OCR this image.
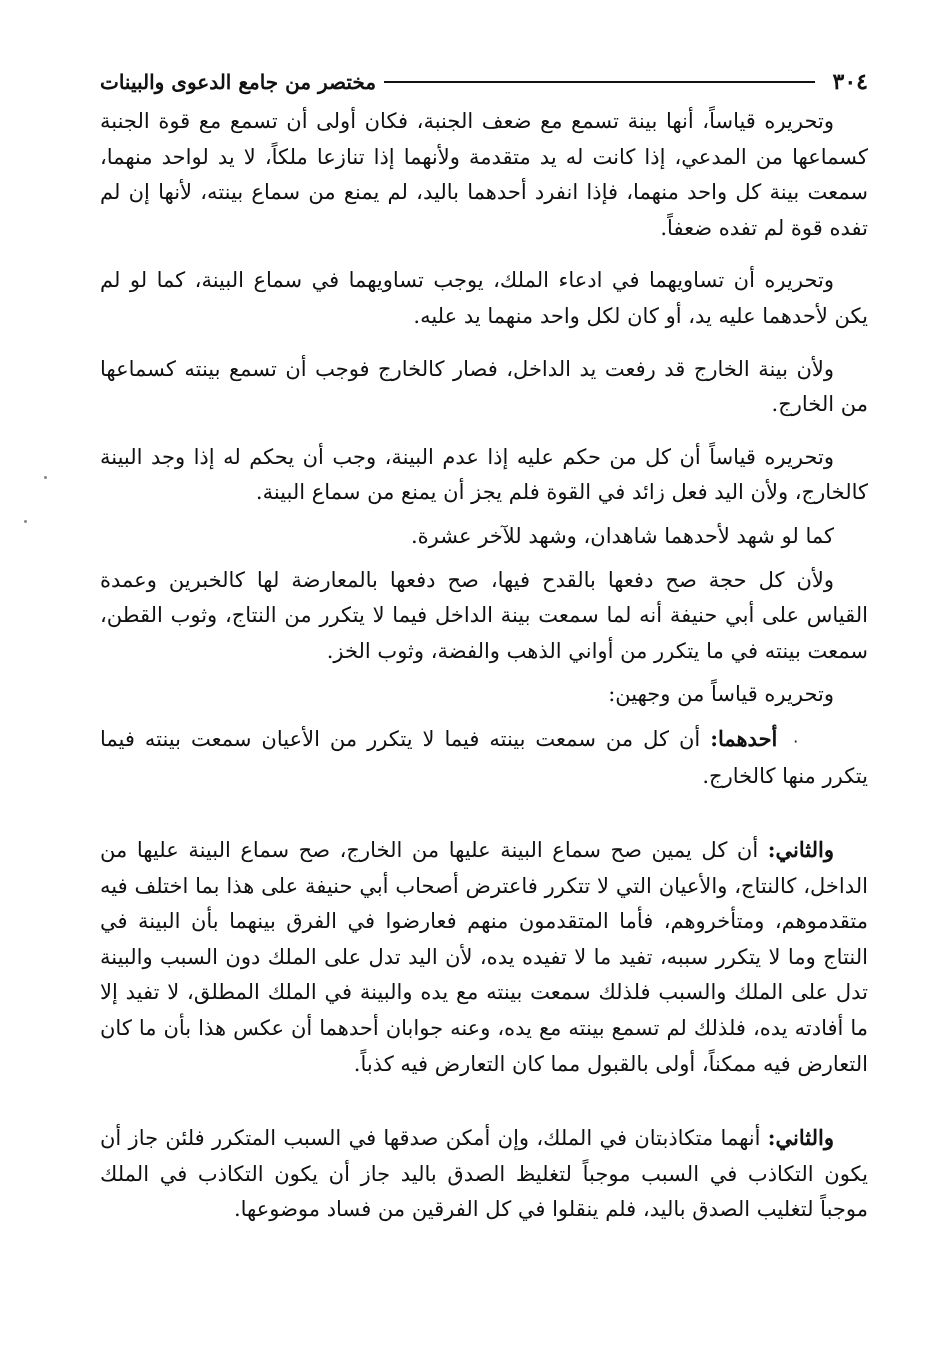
٣٠٤
مختصر من جامع الدعوى والبينات

وتحريره قياساً، أنها بينة تسمع مع ضعف الجنبة، فكان أولى أن تسمع مع قوة الجنبة كسماعها من المدعي، إذا كانت له يد متقدمة ولأنهما إذا تنازعا ملكاً، لا يد لواحد منهما، سمعت بينة كل واحد منهما، فإذا انفرد أحدهما باليد، لم يمنع من سماع بينته، لأنها إن لم تفده قوة لم تفده ضعفاً.

وتحريره أن تساويهما في ادعاء الملك، يوجب تساويهما في سماع البينة، كما لو لم يكن لأحدهما عليه يد، أو كان لكل واحد منهما يد عليه.

ولأن بينة الخارج قد رفعت يد الداخل، فصار كالخارج فوجب أن تسمع بينته كسماعها من الخارج.

وتحريره قياساً أن كل من حكم عليه إذا عدم البينة، وجب أن يحكم له إذا وجد البينة كالخارج، ولأن اليد فعل زائد في القوة فلم يجز أن يمنع من سماع البينة.

كما لو شهد لأحدهما شاهدان، وشهد للآخر عشرة.

ولأن كل حجة صح دفعها بالقدح فيها، صح دفعها بالمعارضة لها كالخبرين وعمدة القياس على أبي حنيفة أنه لما سمعت بينة الداخل فيما لا يتكرر من النتاج، وثوب القطن، سمعت بينته في ما يتكرر من أواني الذهب والفضة، وثوب الخز.

وتحريره قياساً من وجهين:

٠أحدهما: أن كل من سمعت بينته فيما لا يتكرر من الأعيان سمعت بينته فيما يتكرر منها كالخارج.

والثاني: أن كل يمين صح سماع البينة عليها من الخارج، صح سماع البينة عليها من الداخل، كالنتاج، والأعيان التي لا تتكرر فاعترض أصحاب أبي حنيفة على هذا بما اختلف فيه متقدموهم، ومتأخروهم، فأما المتقدمون منهم فعارضوا في الفرق بينهما بأن البينة في النتاج وما لا يتكرر سببه، تفيد ما لا تفيده يده، لأن اليد تدل على الملك دون السبب والبينة تدل على الملك والسبب فلذلك سمعت بينته مع يده والبينة في الملك المطلق، لا تفيد إلا ما أفادته يده، فلذلك لم تسمع بينته مع يده، وعنه جوابان أحدهما أن عكس هذا بأن ما كان التعارض فيه ممكناً، أولى بالقبول مما كان التعارض فيه كذباً.

والثاني: أنهما متكاذبتان في الملك، وإن أمكن صدقها في السبب المتكرر فلئن جاز أن يكون التكاذب في السبب موجباً لتغليظ الصدق باليد جاز أن يكون التكاذب في الملك موجباً لتغليب الصدق باليد، فلم ينقلوا في كل الفرقين من فساد موضوعها.
